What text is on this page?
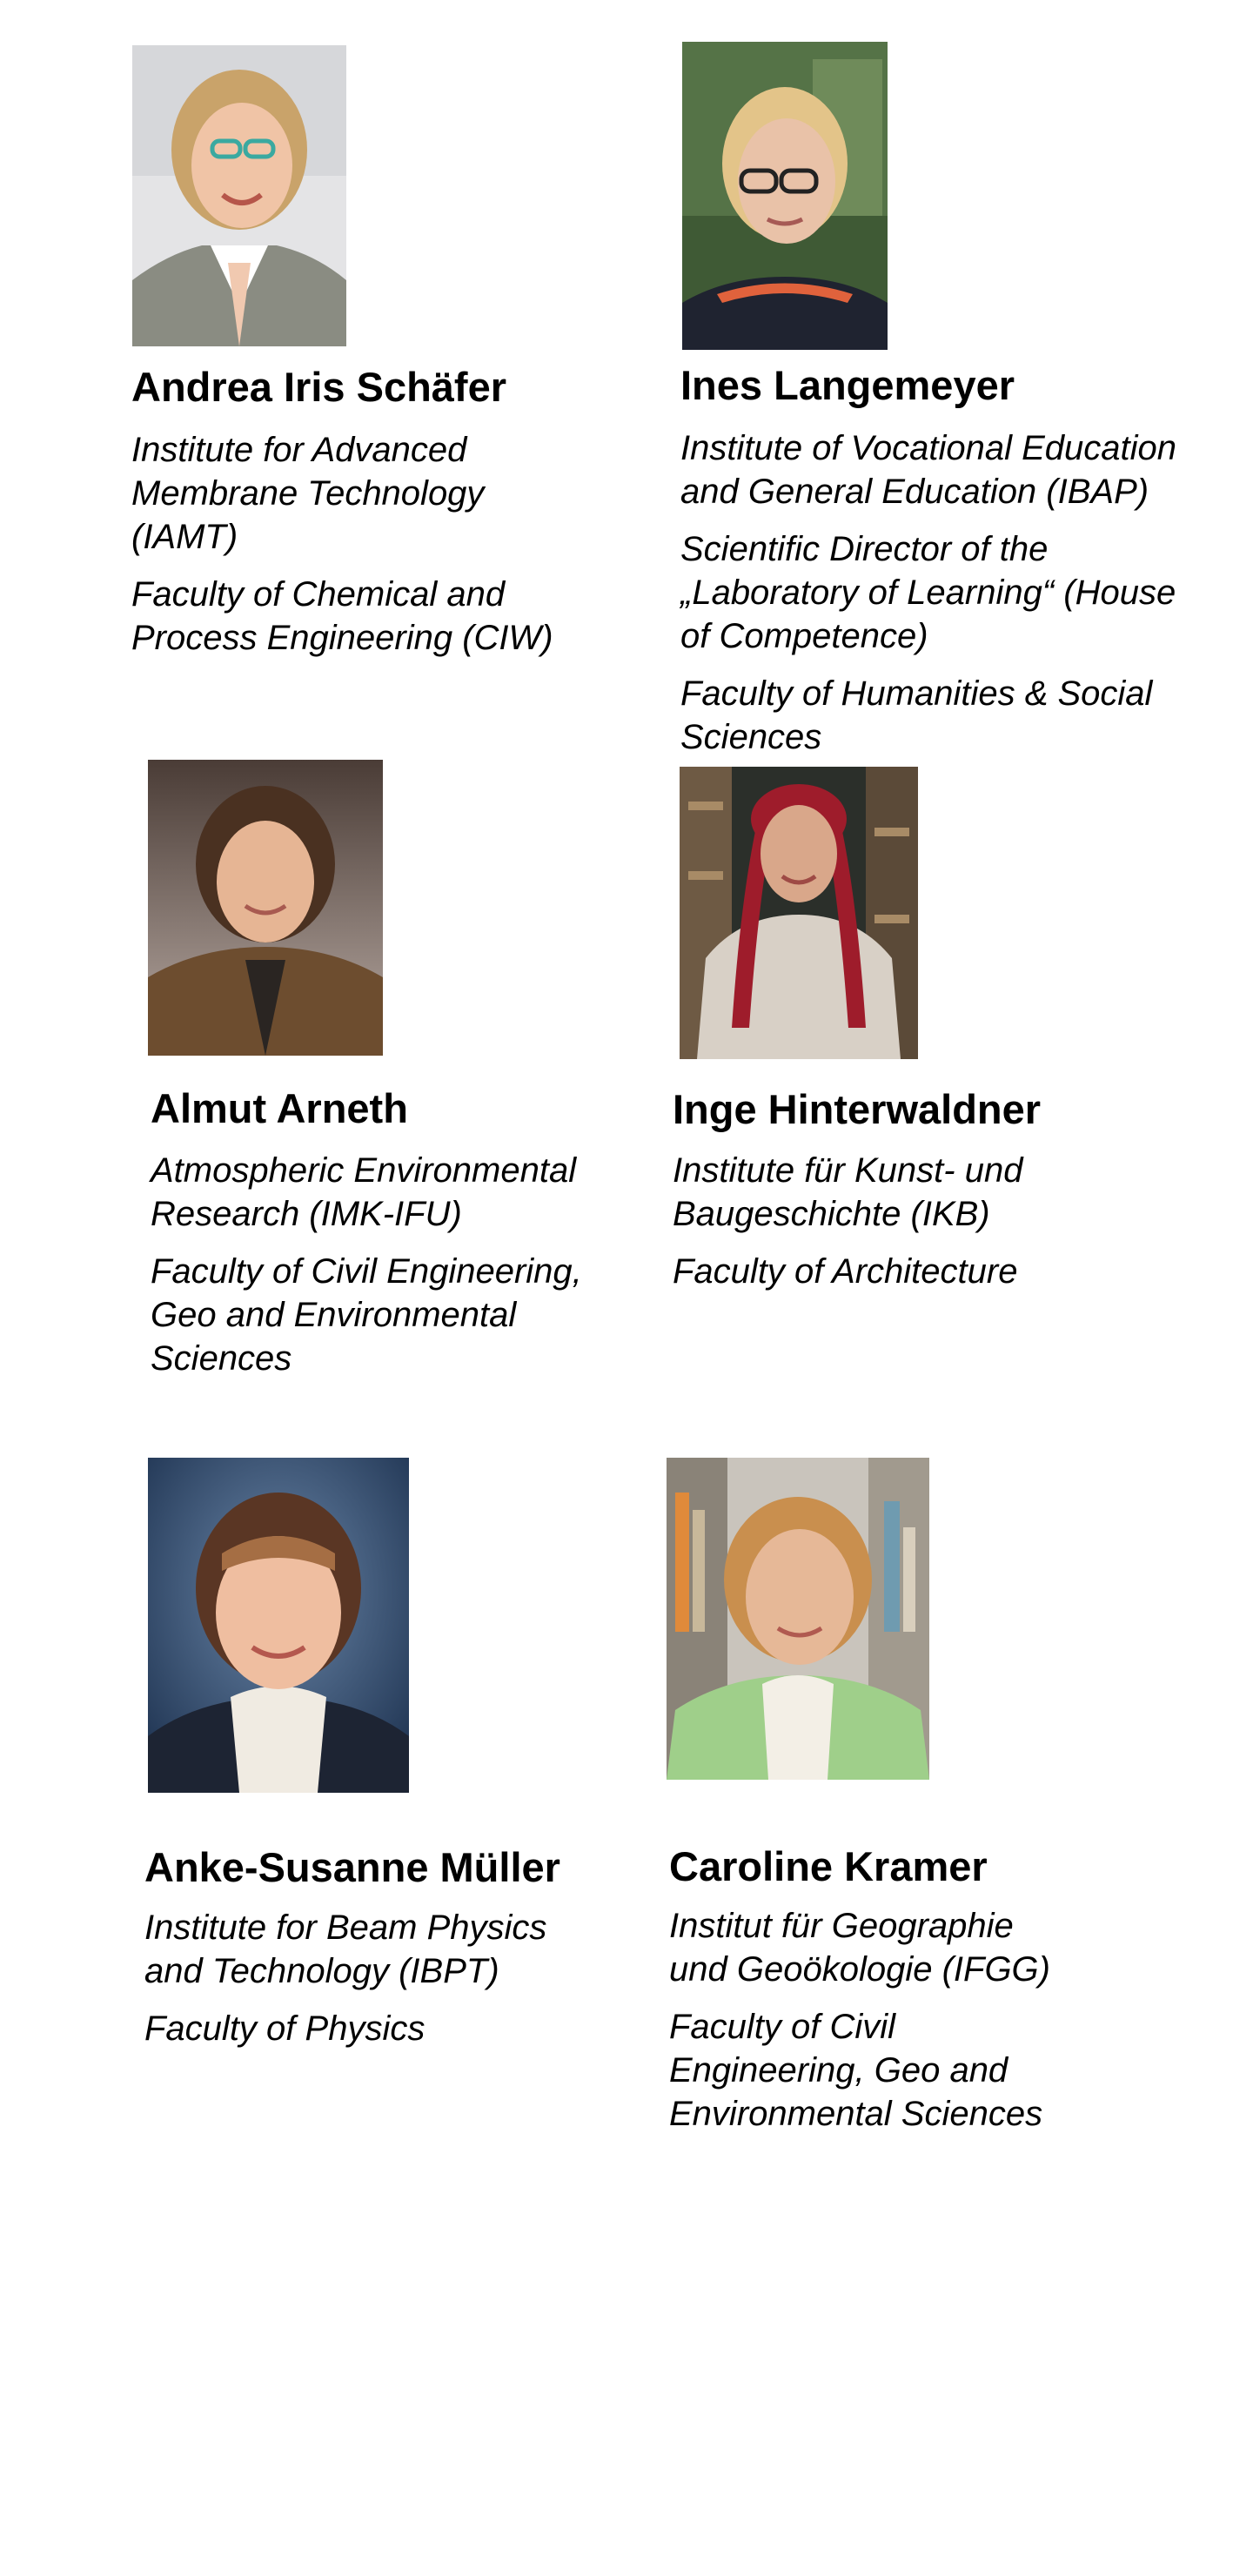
Andrea Iris Schäfer
Institute for Advanced
Membrane Technology
(IAMT)
Faculty of Chemical and
Process Engineering (CIW)
Ines Langemeyer
Institute of Vocational Education
and General Education (IBAP)
Scientific Director of the
„Laboratory of Learning“ (House
of Competence)
Faculty of Humanities & Social
Sciences
Almut Arneth
Atmospheric Environmental
Research (IMK-IFU)
Faculty of Civil Engineering,
Geo and Environmental
Sciences
Inge Hinterwaldner
Institute für Kunst- und
Baugeschichte (IKB)
Faculty of Architecture
Anke-Susanne Müller
Institute for Beam Physics
and Technology (IBPT)
Faculty of Physics
Caroline Kramer
Institut für Geographie
und Geoökologie (IFGG)
Faculty of Civil
Engineering, Geo and
Environmental Sciences
